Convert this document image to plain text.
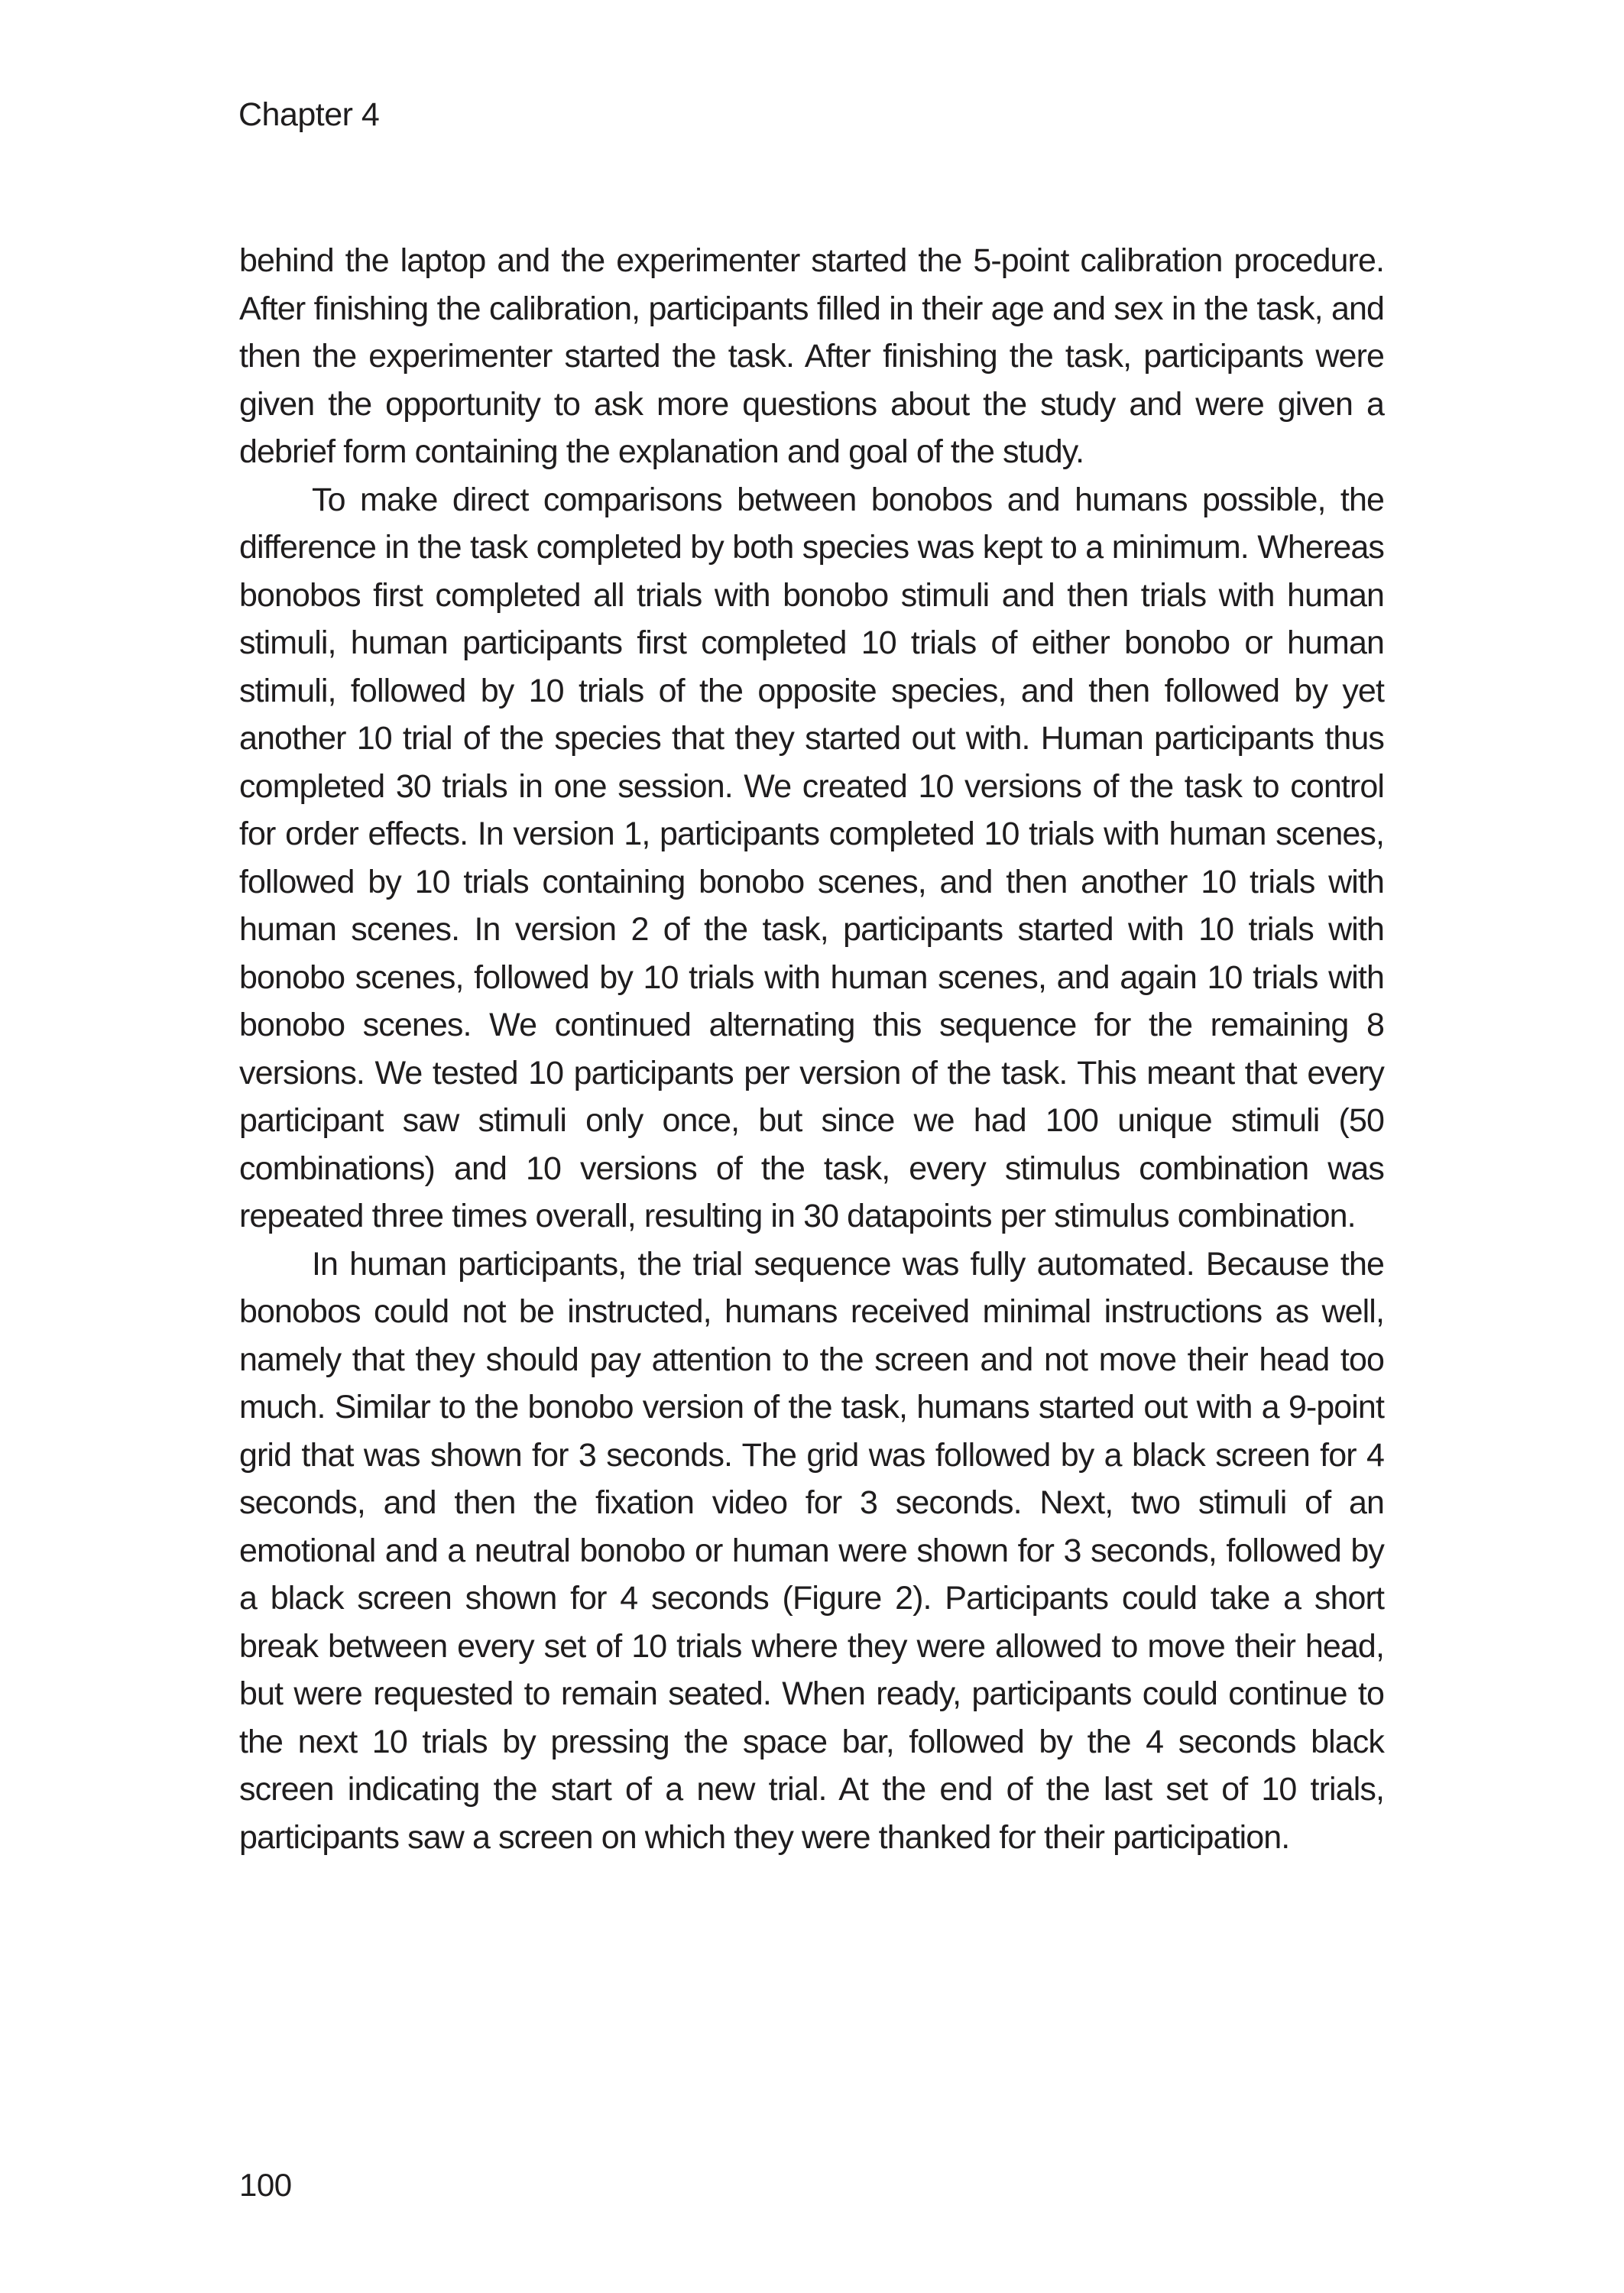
Chapter 4

behind the laptop and the experimenter started the 5-point calibration procedure. After finishing the calibration, participants filled in their age and sex in the task, and then the experimenter started the task. After finishing the task, participants were given the opportunity to ask more questions about the study and were given a debrief form containing the explanation and goal of the study.

To make direct comparisons between bonobos and humans possible, the difference in the task completed by both species was kept to a minimum. Whereas bonobos first completed all trials with bonobo stimuli and then trials with human stimuli, human participants first completed 10 trials of either bonobo or human stimuli, followed by 10 trials of the opposite species, and then followed by yet another 10 trial of the species that they started out with. Human participants thus completed 30 trials in one session. We created 10 versions of the task to control for order effects. In version 1, participants completed 10 trials with human scenes, followed by 10 trials containing bonobo scenes, and then another 10 trials with human scenes. In version 2 of the task, participants started with 10 trials with bonobo scenes, followed by 10 trials with human scenes, and again 10 trials with bonobo scenes. We continued alternating this sequence for the remaining 8 versions. We tested 10 participants per version of the task. This meant that every participant saw stimuli only once, but since we had 100 unique stimuli (50 combinations) and 10 versions of the task, every stimulus combination was repeated three times overall, resulting in 30 datapoints per stimulus combination.

In human participants, the trial sequence was fully automated. Because the bonobos could not be instructed, humans received minimal instructions as well, namely that they should pay attention to the screen and not move their head too much. Similar to the bonobo version of the task, humans started out with a 9-point grid that was shown for 3 seconds. The grid was followed by a black screen for 4 seconds, and then the fixation video for 3 seconds. Next, two stimuli of an emotional and a neutral bonobo or human were shown for 3 seconds, followed by a black screen shown for 4 seconds (Figure 2). Participants could take a short break between every set of 10 trials where they were allowed to move their head, but were requested to remain seated. When ready, participants could continue to the next 10 trials by pressing the space bar, followed by the 4 seconds black screen indicating the start of a new trial. At the end of the last set of 10 trials, participants saw a screen on which they were thanked for their participation.

100
